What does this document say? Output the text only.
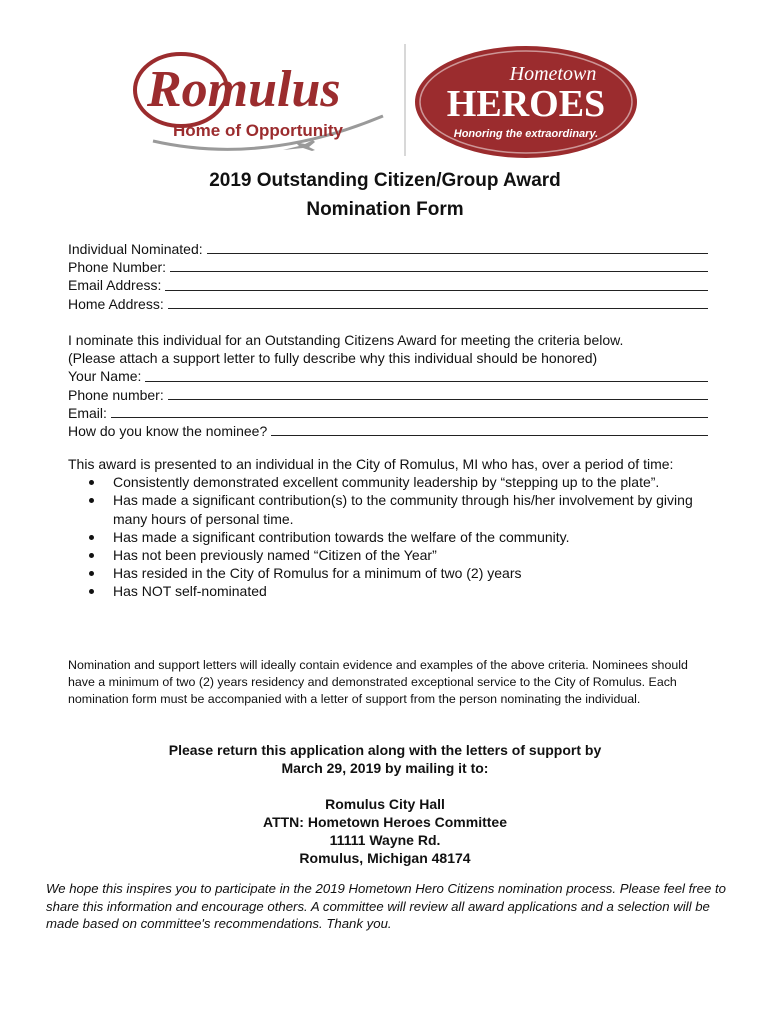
Romulus
Home of Opportunity
Hometown
HEROES
Honoring the extraordinary.
2019 Outstanding Citizen/Group Award
Nomination Form
Individual Nominated:
Phone Number:
Email Address:
Home Address:
I nominate this individual for an Outstanding Citizens Award for meeting the criteria below.
(Please attach a support letter to fully describe why this individual should be honored)
Your Name:
Phone number:
Email:
How do you know the nominee?
This award is presented to an individual in the City of Romulus, MI who has, over a period of time:
Consistently demonstrated excellent community leadership by “stepping up to the plate”.
Has made a significant contribution(s) to the community through his/her involvement by giving many hours of personal time.
Has made a significant contribution towards the welfare of the community.
Has not been previously named “Citizen of the Year”
Has resided in the City of Romulus for a minimum of two (2) years
Has NOT self-nominated
Nomination and support letters will ideally contain evidence and examples of the above criteria. Nominees should have a minimum of two (2) years residency and demonstrated exceptional service to the City of Romulus. Each nomination form must be accompanied with a letter of support from the person nominating the individual.
Please return this application along with the letters of support by
March 29, 2019 by mailing it to:
Romulus City Hall
ATTN: Hometown Heroes Committee
11111 Wayne Rd.
Romulus, Michigan 48174
We hope this inspires you to participate in the 2019 Hometown Hero Citizens nomination process. Please feel free to share this information and encourage others. A committee will review all award applications and a selection will be made based on committee's recommendations. Thank you.
